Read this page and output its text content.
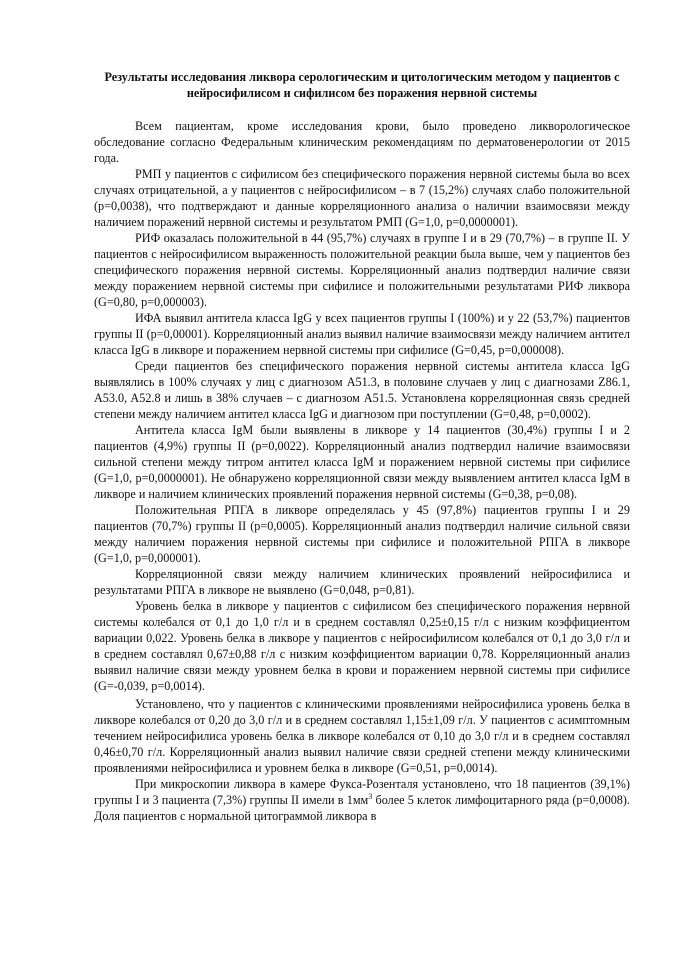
Результаты исследования ликвора серологическим и цитологическим методом у пациентов с нейросифилисом и сифилисом без поражения нервной системы

Всем пациентам, кроме исследования крови, было проведено ликворологическое обследование согласно Федеральным клиническим рекомендациям по дерматовенерологии от 2015 года.

РМП у пациентов с сифилисом без специфического поражения нервной системы была во всех случаях отрицательной, а у пациентов с нейросифилисом – в 7 (15,2%) случаях слабо положительной (p=0,0038), что подтверждают и данные корреляционного анализа о наличии взаимосвязи между наличием поражений нервной системы и результатом РМП (G=1,0, p=0,0000001).

РИФ оказалась положительной в 44 (95,7%) случаях в группе I и в 29 (70,7%) – в группе II. У пациентов с нейросифилисом выраженность положительной реакции была выше, чем у пациентов без специфического поражения нервной системы. Корреляционный анализ подтвердил наличие связи между поражением нервной системы при сифилисе и положительными результатами РИФ ликвора (G=0,80, p=0,000003).

ИФА выявил антитела класса IgG у всех пациентов группы I (100%) и у 22 (53,7%) пациентов группы II (p=0,00001). Корреляционный анализ выявил наличие взаимосвязи между наличием антител класса IgG в ликворе и поражением нервной системы при сифилисе (G=0,45, p=0,000008).

Среди пациентов без специфического поражения нервной системы антитела класса IgG выявлялись в 100% случаях у лиц с диагнозом A51.3, в половине случаев у лиц с диагнозами Z86.1, A53.0, A52.8 и лишь в 38% случаев – с диагнозом A51.5. Установлена корреляционная связь средней степени между наличием антител класса IgG и диагнозом при поступлении (G=0,48, p=0,0002).

Антитела класса IgM были выявлены в ликворе у 14 пациентов (30,4%) группы I и 2 пациентов (4,9%) группы II (p=0,0022). Корреляционный анализ подтвердил наличие взаимосвязи сильной степени между титром антител класса IgM и поражением нервной системы при сифилисе (G=1,0, p=0,0000001). Не обнаружено корреляционной связи между выявлением антител класса IgM в ликворе и наличием клинических проявлений поражения нервной системы (G=0,38, p=0,08).

Положительная РПГА в ликворе определялась у 45 (97,8%) пациентов группы I и 29 пациентов (70,7%) группы II (p=0,0005). Корреляционный анализ подтвердил наличие сильной связи между наличием поражения нервной системы при сифилисе и положительной РПГА в ликворе (G=1,0, p=0,000001).

Корреляционной связи между наличием клинических проявлений нейросифилиса и результатами РПГА в ликворе не выявлено (G=0,048, p=0,81).

Уровень белка в ликворе у пациентов с сифилисом без специфического поражения нервной системы колебался от 0,1 до 1,0 г/л и в среднем составлял 0,25±0,15 г/л с низким коэффициентом вариации 0,022. Уровень белка в ликворе у пациентов с нейросифилисом колебался от 0,1 до 3,0 г/л и в среднем составлял 0,67±0,88 г/л с низким коэффициентом вариации 0,78. Корреляционный анализ выявил наличие связи между уровнем белка в крови и поражением нервной системы при сифилисе (G=-0,039, p=0,0014).

Установлено, что у пациентов с клиническими проявлениями нейросифилиса уровень белка в ликворе колебался от 0,20 до 3,0 г/л и в среднем составлял 1,15±1,09 г/л. У пациентов с асимптомным течением нейросифилиса уровень белка в ликворе колебался от 0,10 до 3,0 г/л и в среднем составлял 0,46±0,70 г/л. Корреляционный анализ выявил наличие связи средней степени между клиническими проявлениями нейросифилиса и уровнем белка в ликворе (G=0,51, p=0,0014).

При микроскопии ликвора в камере Фукса-Розенталя установлено, что 18 пациентов (39,1%) группы I и 3 пациента (7,3%) группы II имели в $1мм^3$ более 5 клеток лимфоцитарного ряда (p=0,0008). Доля пациентов с нормальной цитограммой ликвора в
